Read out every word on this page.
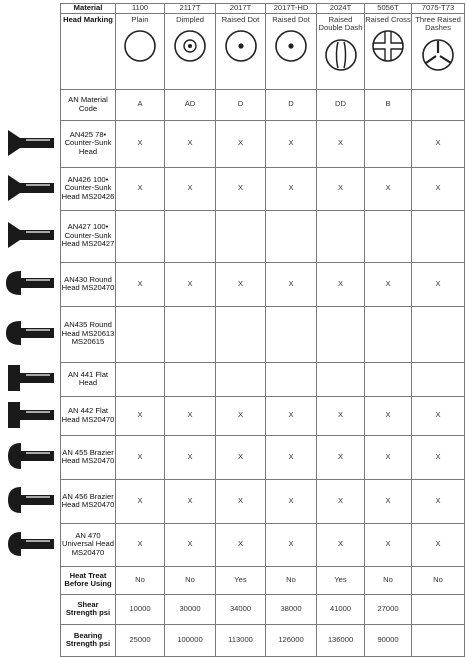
Material	1100	2117T	2017T	2017T-HD	2024T	5056T	7075-T73
Head Marking	Plain	Dimpled	Raised Dot	Raised Dot	Raised Double Dash	Raised Cross	Three Raised Dashes

AN Material Code	A	AD	D	D	DD	B	
AN425 78• Counter-Sunk Head	X	X	X	X	X		X
AN426 100• Counter-Sunk Head MS20426	X	X	X	X	X	X	X
AN427 100• Counter-Sunk Head MS20427							
AN430 Round Head MS20470	X	X	X	X	X	X	X
AN435 Round Head MS20613 MS20615							
AN 441 Flat Head							
AN 442 Flat Head MS20470	X	X	X	X	X	X	X
AN 455 Brazier Head MS20470	X	X	X	X	X	X	X
AN 456 Brazier Head MS20470	X	X	X	X	X	X	X
AN 470 Universal Head MS20470	X	X	X	X	X	X	X
Heat Treat Before Using	No	No	Yes	No	Yes	No	No
Shear Strength psi	10000	30000	34000	38000	41000	27000	
Bearing Strength psi	25000	100000	113000	126000	136000	90000	
